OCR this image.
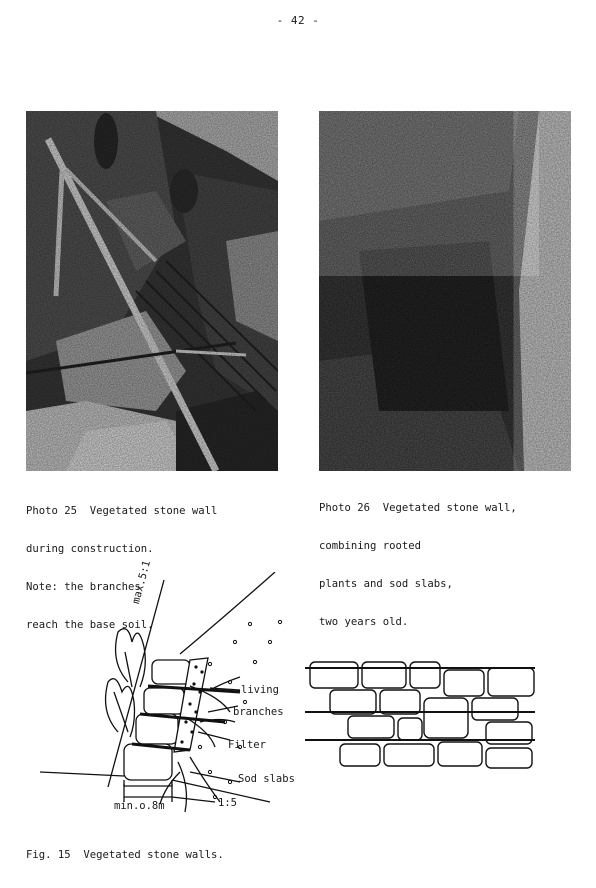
- 42 -

Photo 25  Vegetated stone wall

during construction.

Note: the branches

reach the base soil.

Photo 26  Vegetated stone wall,

combining rooted

plants and sod slabs,

two years old.

max.5:1
living
branches
Filter
Sod slabs
min.o.8m	1:5
Fig. 15  Vegetated stone walls.
